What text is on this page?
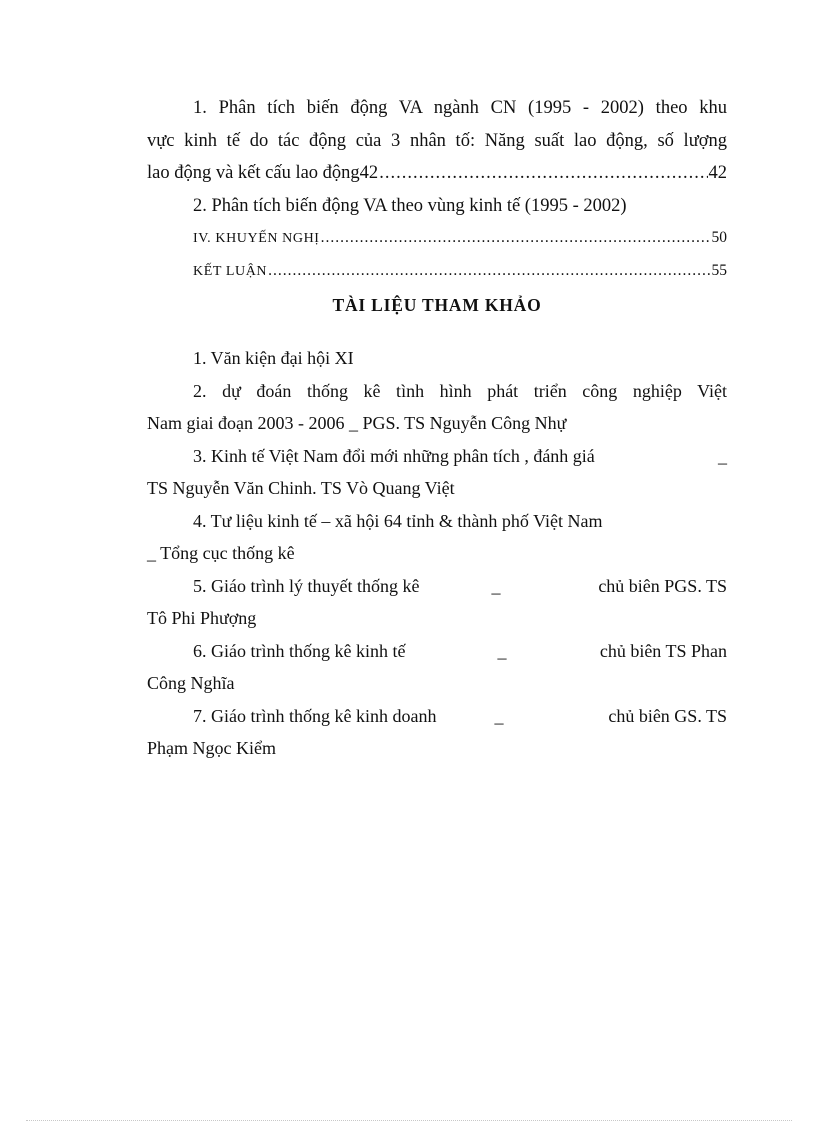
1. Phân tích biến động VA ngành CN (1995 - 2002) theo khu
vực kinh tế do tác động của 3 nhân tố: Năng suất lao động, số lượng
lao động và kết cấu lao động42 .....	42
2. Phân tích biến động VA theo vùng kinh tế (1995 - 2002)
IV. KHUYẾN NGHỊ .....	50
KẾT LUẬN .....	55
TÀI LIỆU THAM KHẢO
1. Văn kiện đại hội XI
2. dự đoán thống kê tình hình phát triển công nghiệp Việt
Nam giai đoạn 2003 - 2006 _ PGS. TS Nguyễn Công Nhự
3. Kinh tế Việt Nam đổi mới những phân tích , đánh giá	_
TS Nguyễn Văn Chinh. TS Vò Quang Việt
4. Tư liệu kinh tế – xã hội 64 tỉnh & thành phố Việt Nam
_ Tổng cục thống kê
5. Giáo trình lý thuyết thống kê	_	chủ biên PGS. TS
Tô Phi Phượng
6. Giáo trình thống kê kinh tế	_	chủ biên TS Phan
Công Nghĩa
7. Giáo trình thống kê kinh doanh	_	chủ biên GS. TS
Phạm Ngọc Kiểm
